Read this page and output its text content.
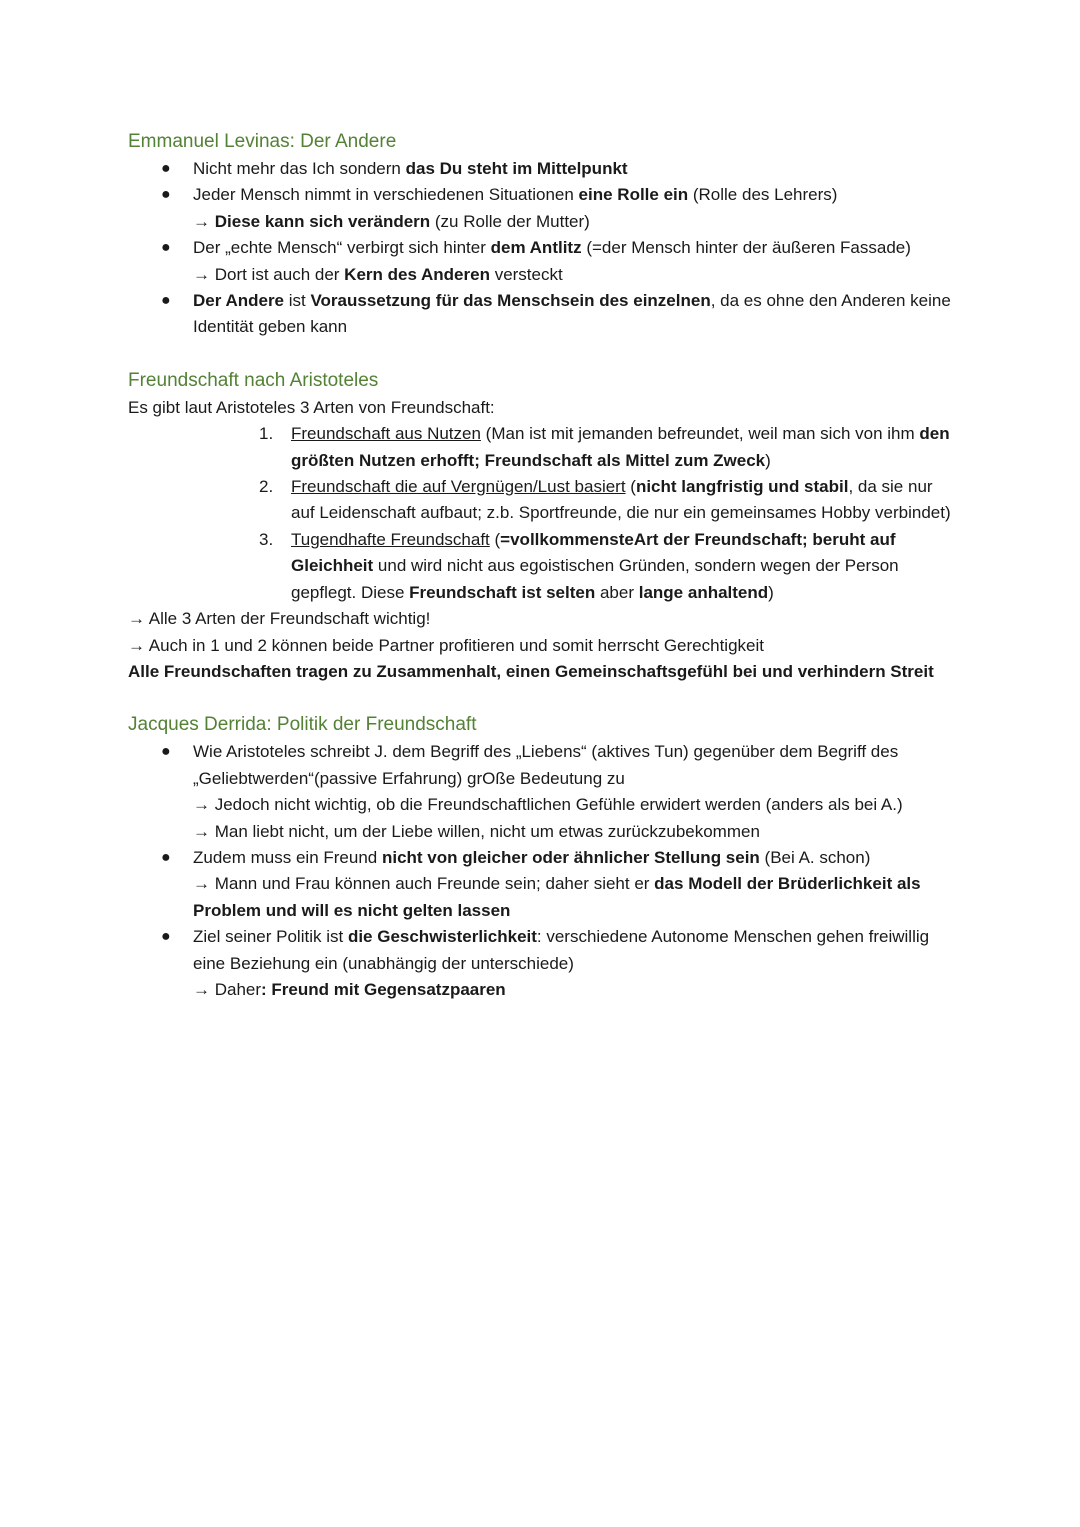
Emmanuel Levinas: Der Andere
● Nicht mehr das Ich sondern das Du steht im Mittelpunkt
● Jeder Mensch nimmt in verschiedenen Situationen eine Rolle ein (Rolle des Lehrers)
→ Diese kann sich verändern (zu Rolle der Mutter)
● Der „echte Mensch“ verbirgt sich hinter dem Antlitz (=der Mensch hinter der äußeren Fassade)
→ Dort ist auch der Kern des Anderen versteckt
● Der Andere ist Voraussetzung für das Menschsein des einzelnen, da es ohne den Anderen keine Identität geben kann
Freundschaft nach Aristoteles
Es gibt laut Aristoteles 3 Arten von Freundschaft:
1. Freundschaft aus Nutzen (Man ist mit jemanden befreundet, weil man sich von ihm den größten Nutzen erhofft; Freundschaft als Mittel zum Zweck)
2. Freundschaft die auf Vergnügen/Lust basiert (nicht langfristig und stabil, da sie nur auf Leidenschaft aufbaut; z.b. Sportfreunde, die nur ein gemeinsames Hobby verbindet)
3. Tugendhafte Freundschaft (=vollkommensteArt der Freundschaft; beruht auf Gleichheit und wird nicht aus egoistischen Gründen, sondern wegen der Person gepflegt. Diese Freundschaft ist selten aber lange anhaltend)
→ Alle 3 Arten der Freundschaft wichtig!
→ Auch in 1 und 2 können beide Partner profitieren und somit herrscht Gerechtigkeit
Alle Freundschaften tragen zu Zusammenhalt, einen Gemeinschaftsgefühl bei und verhindern Streit
Jacques Derrida: Politik der Freundschaft
● Wie Aristoteles schreibt J. dem Begriff des „Liebens“ (aktives Tun) gegenüber dem Begriff des „Geliebtwerden“(passive Erfahrung) grOße Bedeutung zu
→ Jedoch nicht wichtig, ob die Freundschaftlichen Gefühle erwidert werden (anders als bei A.)
→ Man liebt nicht, um der Liebe willen, nicht um etwas zurückzubekommen
● Zudem muss ein Freund nicht von gleicher oder ähnlicher Stellung sein (Bei A. schon)
→ Mann und Frau können auch Freunde sein; daher sieht er das Modell der Brüderlichkeit als Problem und will es nicht gelten lassen
● Ziel seiner Politik ist die Geschwisterlichkeit: verschiedene Autonome Menschen gehen freiwillig eine Beziehung ein (unabhängig der unterschiede)
→ Daher: Freund mit Gegensatzpaaren
